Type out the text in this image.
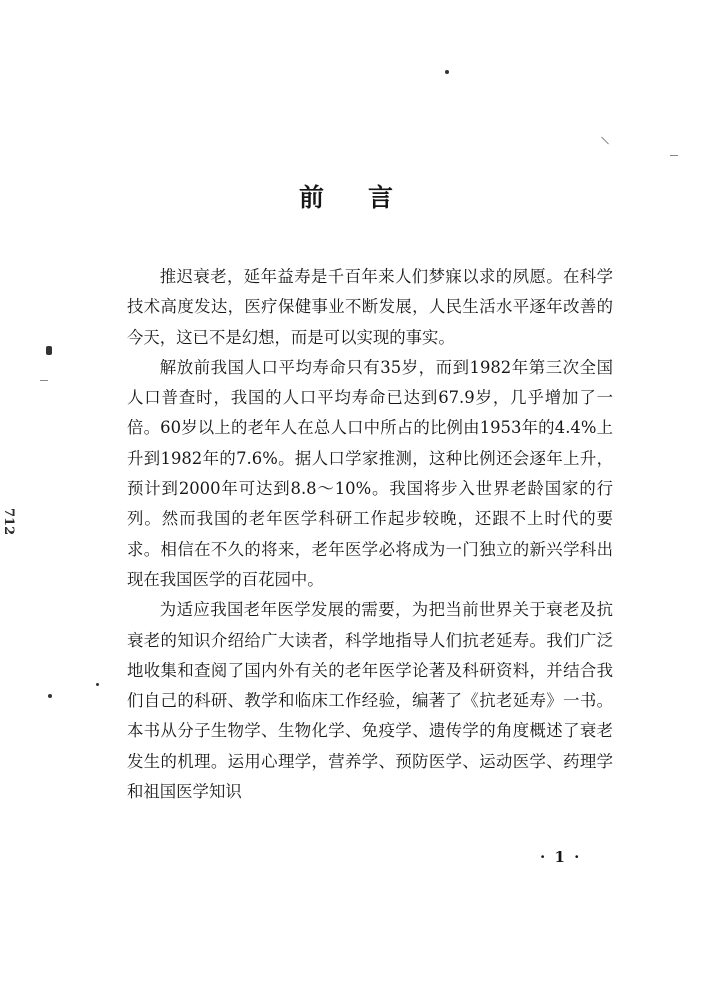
前言

推迟衰老，延年益寿是千百年来人们梦寐以求的夙愿。在科学技术高度发达，医疗保健事业不断发展，人民生活水平逐年改善的今天，这已不是幻想，而是可以实现的事实。

解放前我国人口平均寿命只有35岁，而到1982年第三次全国人口普查时，我国的人口平均寿命已达到67.9岁，几乎增加了一倍。60岁以上的老年人在总人口中所占的比例由1953年的4.4%上升到1982年的7.6%。据人口学家推测，这种比例还会逐年上升，预计到2000年可达到8.8～10%。我国将步入世界老龄国家的行列。然而我国的老年医学科研工作起步较晚，还跟不上时代的要求。相信在不久的将来，老年医学必将成为一门独立的新兴学科出现在我国医学的百花园中。

为适应我国老年医学发展的需要，为把当前世界关于衰老及抗衰老的知识介绍给广大读者，科学地指导人们抗老延寿。我们广泛地收集和查阅了国内外有关的老年医学论著及科研资料，并结合我们自己的科研、教学和临床工作经验，编著了《抗老延寿》一书。本书从分子生物学、生物化学、免疫学、遗传学的角度概述了衰老发生的机理。运用心理学，营养学、预防医学、运动医学、药理学和祖国医学知识

· 1 ·
712
